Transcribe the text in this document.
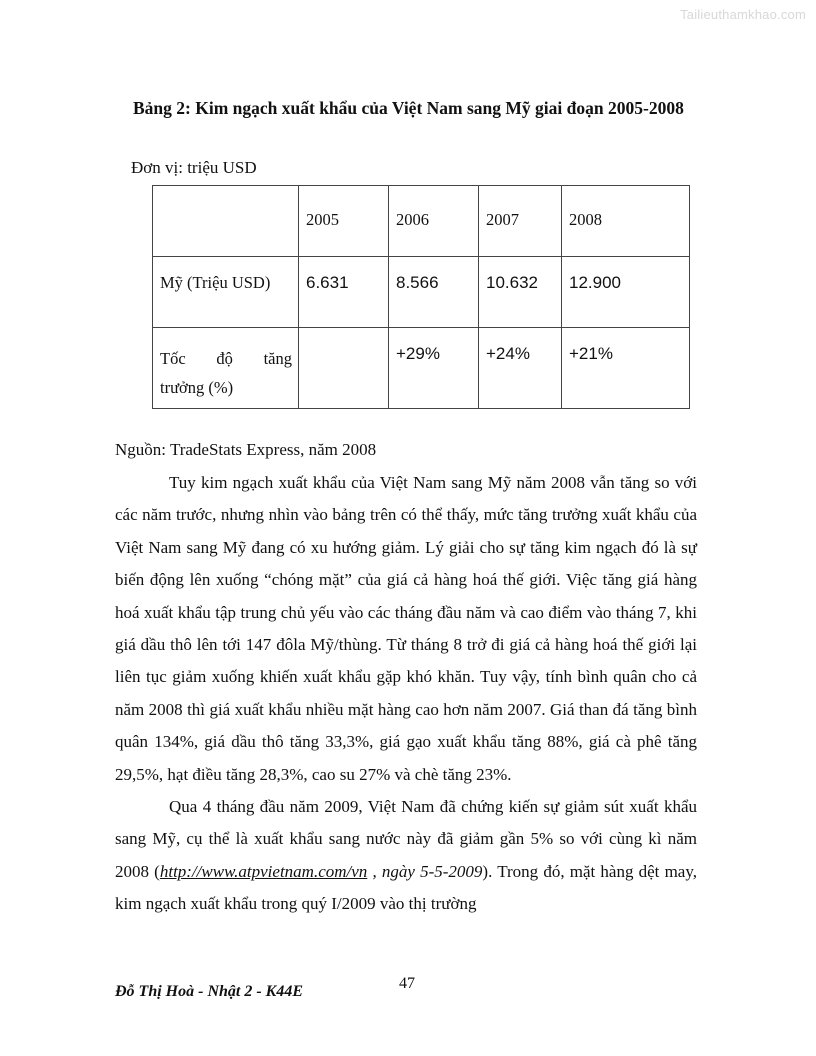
Tailieuthamkhao.com
Bảng 2: Kim ngạch xuất khẩu của Việt Nam sang Mỹ giai đoạn 2005-2008
Đơn vị: triệu USD

	2005	2006	2007	2008

Mỹ (Triệu USD)	6.631	8.566	10.632	12.900

Tốc độ tăng
trưởng (%)		+29%	+24%	+21%
Nguồn: TradeStats Express, năm 2008

Tuy kim ngạch xuất khẩu của Việt Nam sang Mỹ năm 2008 vẫn tăng so với các năm trước, nhưng nhìn vào bảng trên có thể thấy, mức tăng trưởng xuất khẩu của Việt Nam sang Mỹ đang có xu hướng giảm. Lý giải cho sự tăng kim ngạch đó là sự biến động lên xuống “chóng mặt” của giá cả hàng hoá thế giới. Việc tăng giá hàng hoá xuất khẩu tập trung chủ yếu vào các tháng đầu năm và cao điểm vào tháng 7, khi giá dầu thô lên tới 147 đôla Mỹ/thùng. Từ tháng 8 trở đi giá cả hàng hoá thế giới lại liên tục giảm xuống khiến xuất khẩu gặp khó khăn. Tuy vậy, tính bình quân cho cả năm 2008 thì giá xuất khẩu nhiều mặt hàng cao hơn năm 2007. Giá than đá tăng bình quân 134%, giá dầu thô tăng 33,3%, giá gạo xuất khẩu tăng 88%, giá cà phê tăng 29,5%, hạt điều tăng 28,3%, cao su 27% và chè tăng 23%.

Qua 4 tháng đầu năm 2009, Việt Nam đã chứng kiến sự giảm sút xuất khẩu sang Mỹ, cụ thể là xuất khẩu sang nước này đã giảm gần 5% so với cùng kì năm 2008 (http://www.atpvietnam.com/vn , ngày 5-5-2009). Trong đó, mặt hàng dệt may, kim ngạch xuất khẩu trong quý I/2009 vào thị trường

47
Đỗ Thị Hoà - Nhật 2 - K44E
